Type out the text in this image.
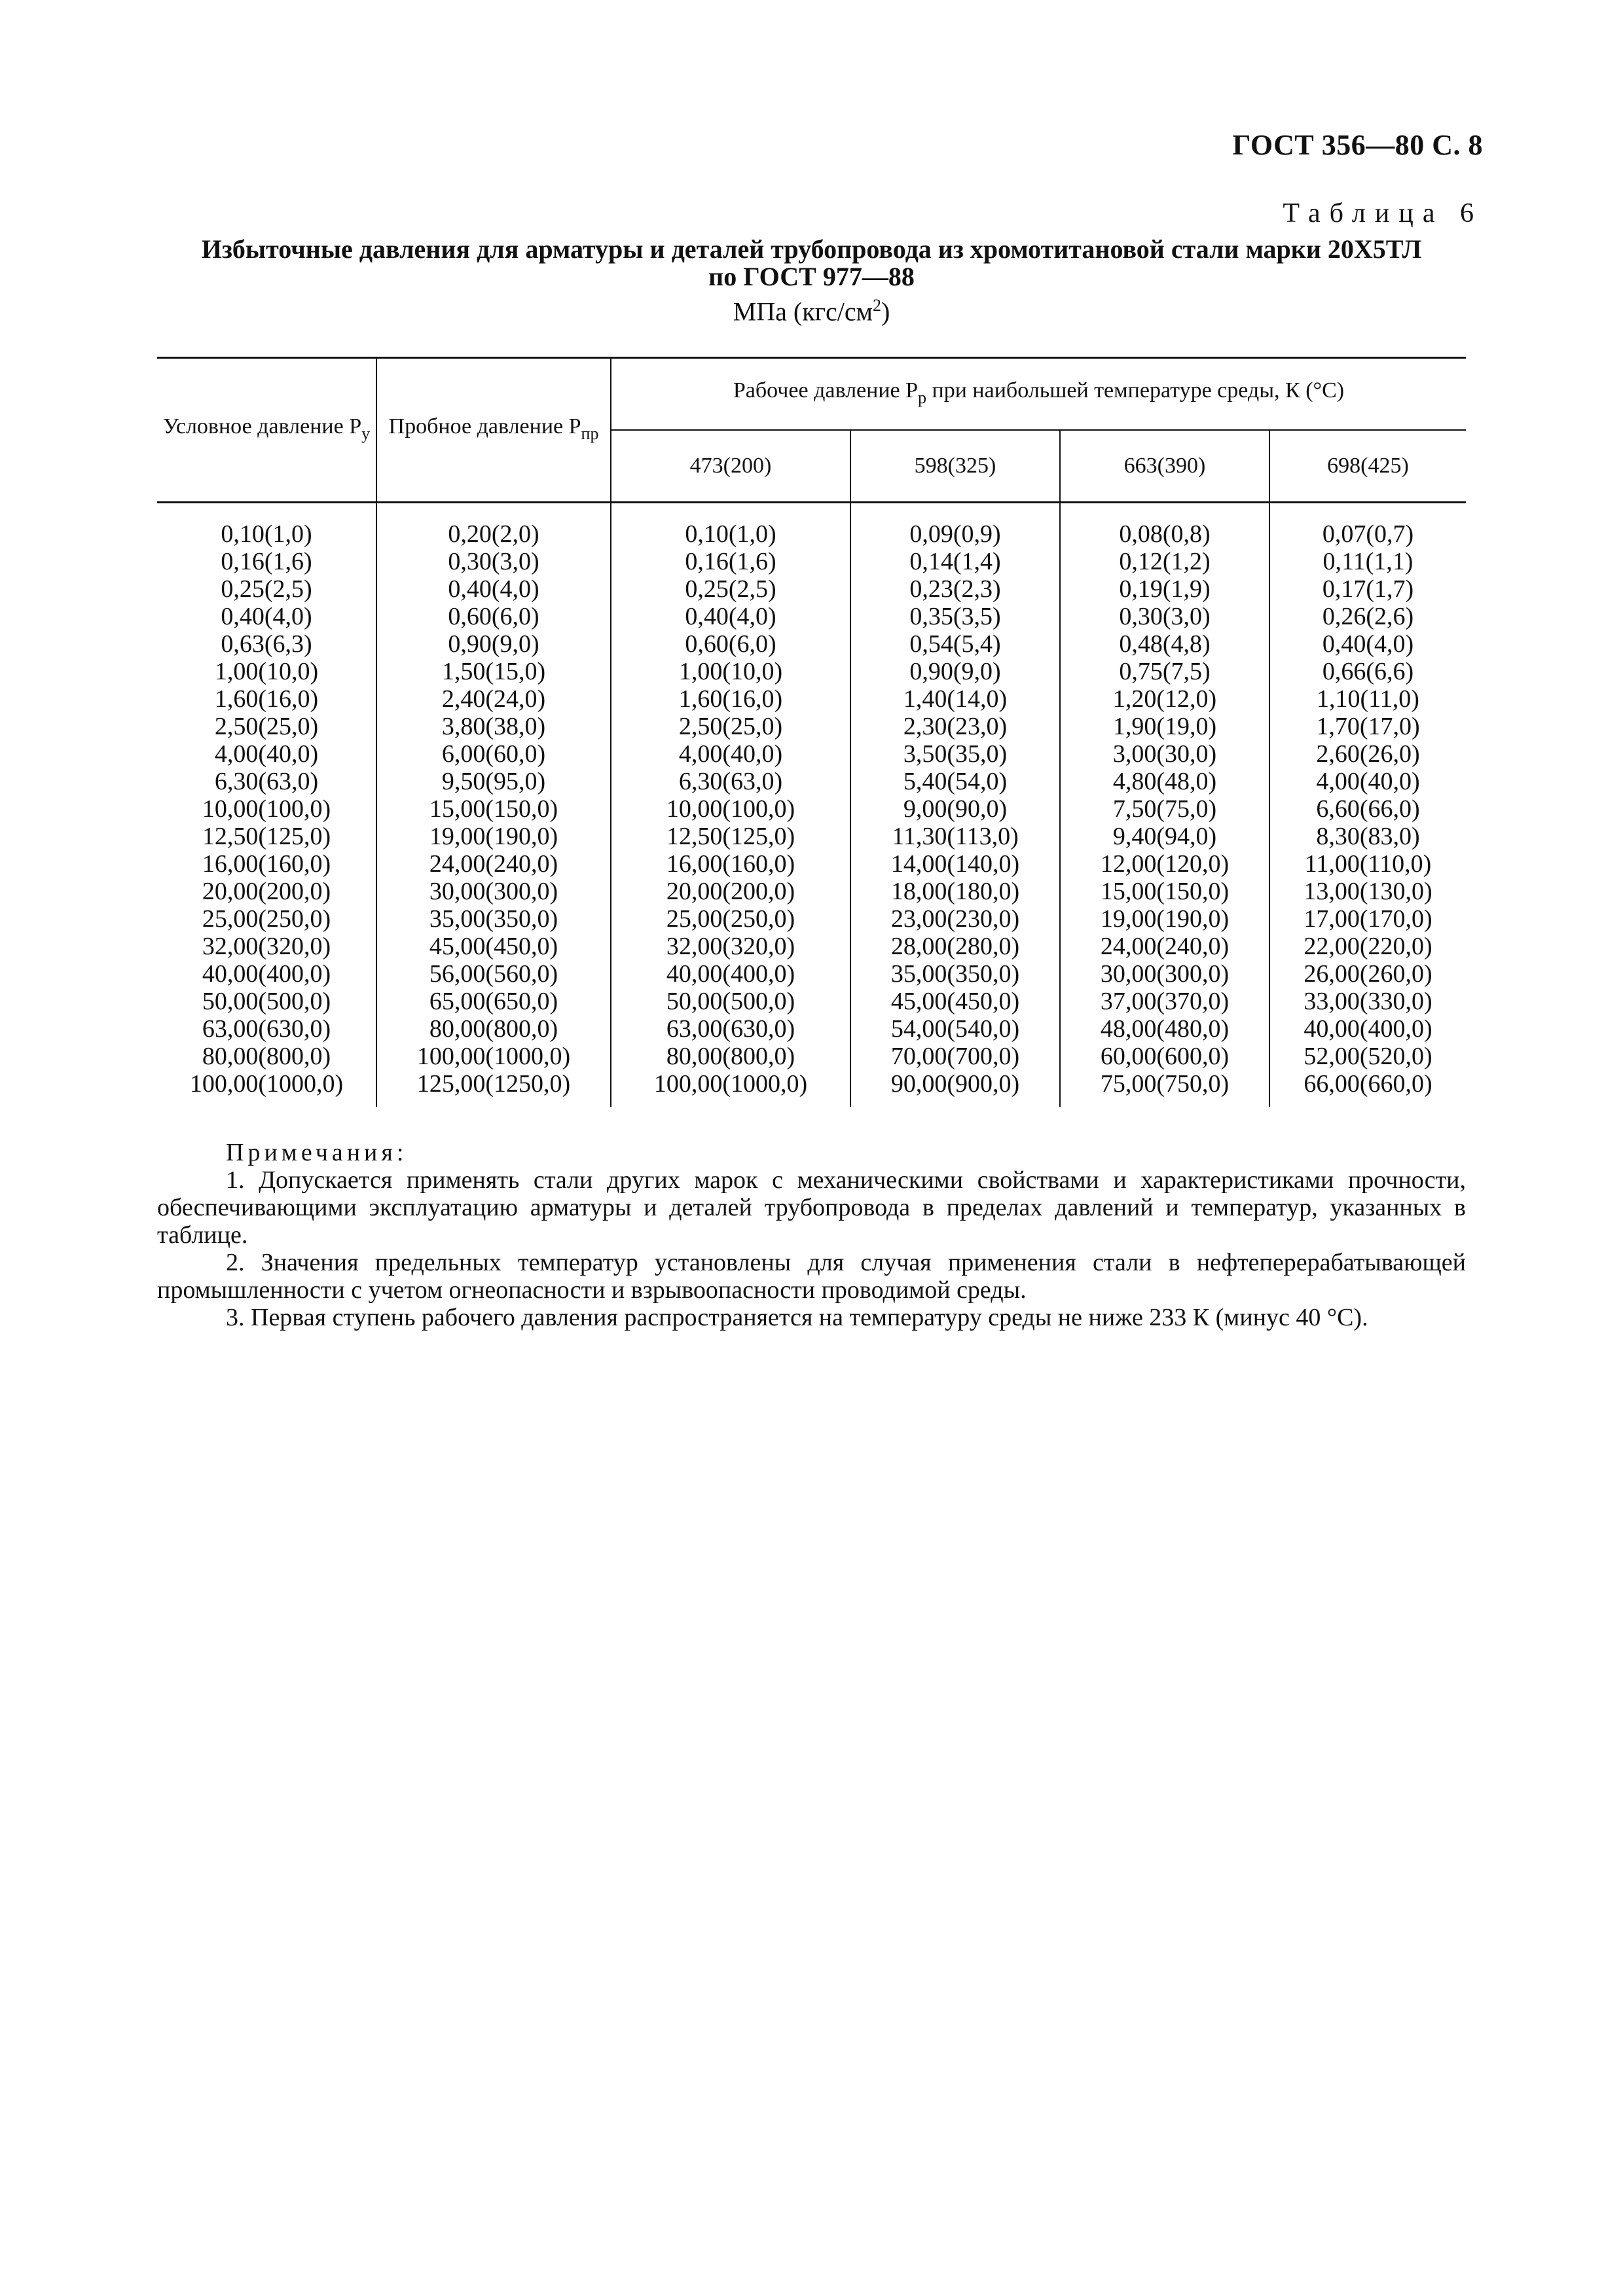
ГОСТ 356—80 С. 8
Таблица 6
Избыточные давления для арматуры и деталей трубопровода из хромотитановой стали марки 20Х5ТЛ
по ГОСТ 977—88
МПа $(кгс/см^2)$
Условное давление $P_у$	Пробное давление $P_{пр}$	Рабочее давление $P_р$ при наибольшей температуре среды, К (°С)			
		473(200)	598(325)	663(390)	698(425)
0,10(1,0)	0,20(2,0)	0,10(1,0)	0,09(0,9)	0,08(0,8)	0,07(0,7)
0,16(1,6)	0,30(3,0)	0,16(1,6)	0,14(1,4)	0,12(1,2)	0,11(1,1)
0,25(2,5)	0,40(4,0)	0,25(2,5)	0,23(2,3)	0,19(1,9)	0,17(1,7)
0,40(4,0)	0,60(6,0)	0,40(4,0)	0,35(3,5)	0,30(3,0)	0,26(2,6)
0,63(6,3)	0,90(9,0)	0,60(6,0)	0,54(5,4)	0,48(4,8)	0,40(4,0)
1,00(10,0)	1,50(15,0)	1,00(10,0)	0,90(9,0)	0,75(7,5)	0,66(6,6)
1,60(16,0)	2,40(24,0)	1,60(16,0)	1,40(14,0)	1,20(12,0)	1,10(11,0)
2,50(25,0)	3,80(38,0)	2,50(25,0)	2,30(23,0)	1,90(19,0)	1,70(17,0)
4,00(40,0)	6,00(60,0)	4,00(40,0)	3,50(35,0)	3,00(30,0)	2,60(26,0)
6,30(63,0)	9,50(95,0)	6,30(63,0)	5,40(54,0)	4,80(48,0)	4,00(40,0)
10,00(100,0)	15,00(150,0)	10,00(100,0)	9,00(90,0)	7,50(75,0)	6,60(66,0)
12,50(125,0)	19,00(190,0)	12,50(125,0)	11,30(113,0)	9,40(94,0)	8,30(83,0)
16,00(160,0)	24,00(240,0)	16,00(160,0)	14,00(140,0)	12,00(120,0)	11,00(110,0)
20,00(200,0)	30,00(300,0)	20,00(200,0)	18,00(180,0)	15,00(150,0)	13,00(130,0)
25,00(250,0)	35,00(350,0)	25,00(250,0)	23,00(230,0)	19,00(190,0)	17,00(170,0)
32,00(320,0)	45,00(450,0)	32,00(320,0)	28,00(280,0)	24,00(240,0)	22,00(220,0)
40,00(400,0)	56,00(560,0)	40,00(400,0)	35,00(350,0)	30,00(300,0)	26,00(260,0)
50,00(500,0)	65,00(650,0)	50,00(500,0)	45,00(450,0)	37,00(370,0)	33,00(330,0)
63,00(630,0)	80,00(800,0)	63,00(630,0)	54,00(540,0)	48,00(480,0)	40,00(400,0)
80,00(800,0)	100,00(1000,0)	80,00(800,0)	70,00(700,0)	60,00(600,0)	52,00(520,0)
100,00(1000,0)	125,00(1250,0)	100,00(1000,0)	90,00(900,0)	75,00(750,0)	66,00(660,0)
Примечания:

1. Допускается применять стали других марок с механическими свойствами и характеристиками прочности, обеспечивающими эксплуатацию арматуры и деталей трубопровода в пределах давлений и температур, указанных в таблице.

2. Значения предельных температур установлены для случая применения стали в нефтеперерабатывающей промышленности с учетом огнеопасности и взрывоопасности проводимой среды.

3. Первая ступень рабочего давления распространяется на температуру среды не ниже 233 К (минус 40 °С).
